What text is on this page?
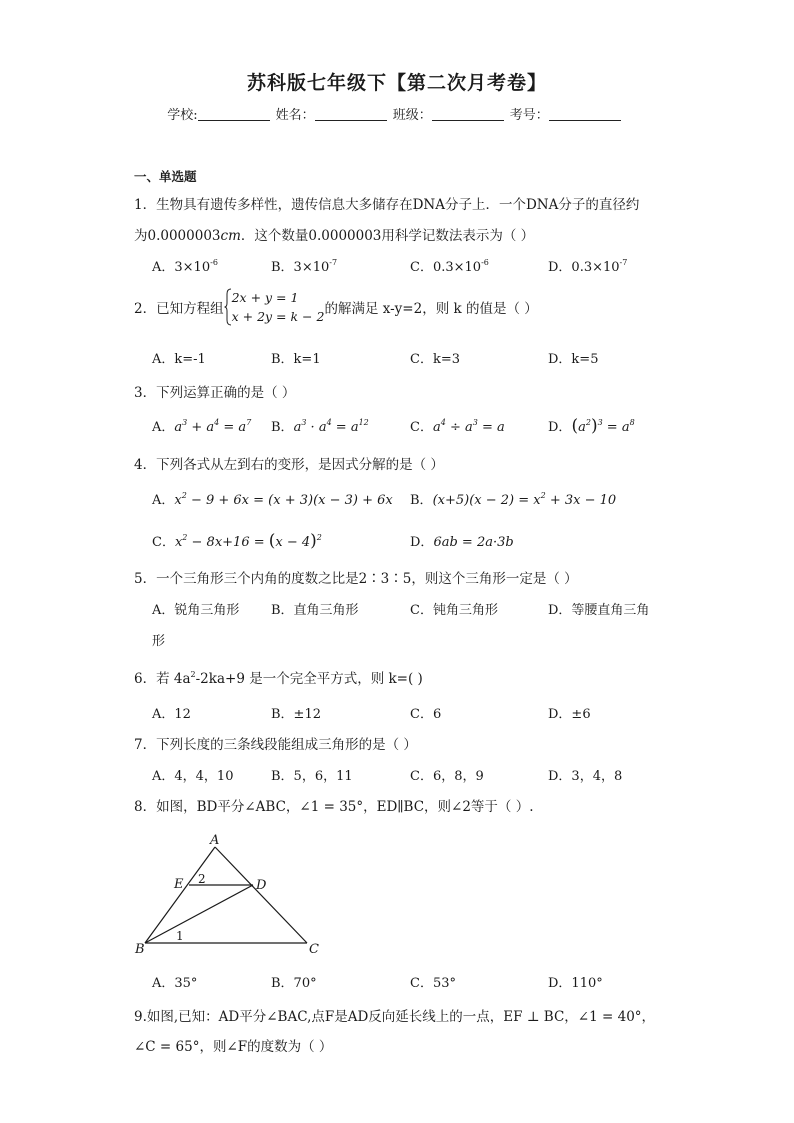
苏科版七年级下【第二次月考卷】
学校:	姓名：	班级：	考号：
一、单选题
1．生物具有遗传多样性，遗传信息大多储存在DNA分子上．一个DNA分子的直径约
为0.0000003cm．这个数量0.0000003用科学记数法表示为（ ）
A．$3\times 10^{-6}$	B．$3\times 10^{-7}$	C．$0.3\times 10^{-6}$	D．$0.3\times 10^{-7}$
2．已知方程组2x + y = 1
x + 2y = k − 2的解满足 x-y=2，则 k 的值是（ ）
A．k=-1	B．k=1	C．k=3	D．k=5
3．下列运算正确的是（ ）
A．$a^3 + a^4 = a^7$ B．$a^3 \cdot a^4 = a^{12}$	C．$a^4 \div a^3 = a$	D．$(a^2)^3 = a^8$
4．下列各式从左到右的变形，是因式分解的是（ ）
A．$x^2 - 9 + 6x = (x + 3)(x - 3) + 6x$ B．$(x+5)(x - 2) = x^2 + 3x - 10$
C．$x^2 - 8x+16 = (x - 4)^2$	D．6ab = 2a·3b
5．一个三角形三个内角的度数之比是2∶3∶5，则这个三角形一定是（ ）
A．锐角三角形 B．直角三角形	C．钝角三角形	D．等腰直角三角
形
6．若 $4a^2-2ka+9$ 是一个完全平方式，则 k=( )
A．12	B．±12	C．6	D．±6
7．下列长度的三条线段能组成三角形的是（ ）
A．4，4，10	B．5，6，11	C．6，8，9	D．3，4，8
8．如图，BD平分∠ABC，∠1 = 35°，ED∥BC，则∠2等于（ ）.
A
E	D
B	C
2
1
A．35°	B．70°	C．53°	D．110°
9.如图,已知：AD平分∠BAC,点F是AD反向延长线上的一点，EF ⊥ BC，∠1 = 40°，
∠C = 65°，则∠F的度数为（ ）
